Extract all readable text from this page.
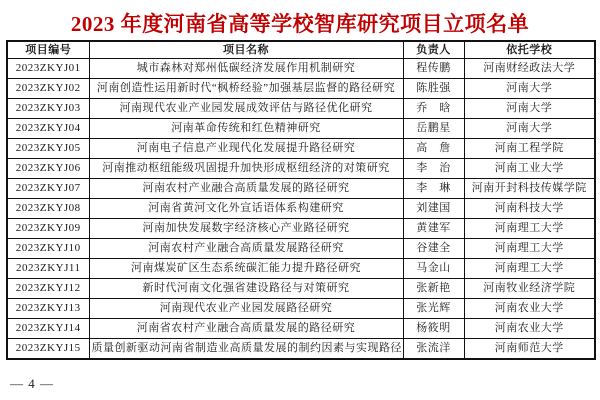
2023 年度河南省高等学校智库研究项目立项名单
项目编号	项目名称	负责人	依托学校
2023ZKYJ01	城市森林对郑州低碳经济发展作用机制研究	程传鹏	河南财经政法大学
2023ZKYJ02	河南创造性运用新时代“枫桥经验”加强基层监督的路径研究	陈胜强	河南大学
2023ZKYJ03	河南现代农业产业园发展成效评估与路径优化研究	乔　晗	河南大学
2023ZKYJ04	河南革命传统和红色精神研究	岳鹏星	河南大学
2023ZKYJ05	河南电子信息产业现代化发展提升路径研究	高　詹	河南工程学院
2023ZKYJ06	河南推动枢纽能级巩固提升加快形成枢纽经济的对策研究	李　治	河南工业大学
2023ZKYJ07	河南农村产业融合高质量发展的路径研究	李　琳	河南开封科技传媒学院
2023ZKYJ08	河南省黄河文化外宣话语体系构建研究	刘建国	河南科技大学
2023ZKYJ09	河南加快发展数字经济核心产业路径研究	黄建军	河南理工大学
2023ZKYJ10	河南农村产业融合高质量发展路径研究	谷建全	河南理工大学
2023ZKYJ11	河南煤炭矿区生态系统碳汇能力提升路径研究	马金山	河南理工大学
2023ZKYJ12	新时代河南文化强省建设路径与对策研究	张新艳	河南牧业经济学院
2023ZKYJ13	河南现代农业产业园发展路径研究	张光辉	河南农业大学
2023ZKYJ14	河南省农村产业融合高质量发展的路径研究	杨筱明	河南农业大学
2023ZKYJ15	质量创新驱动河南省制造业高质量发展的制约因素与实现路径	张流洋	河南师范大学
— 4 —
